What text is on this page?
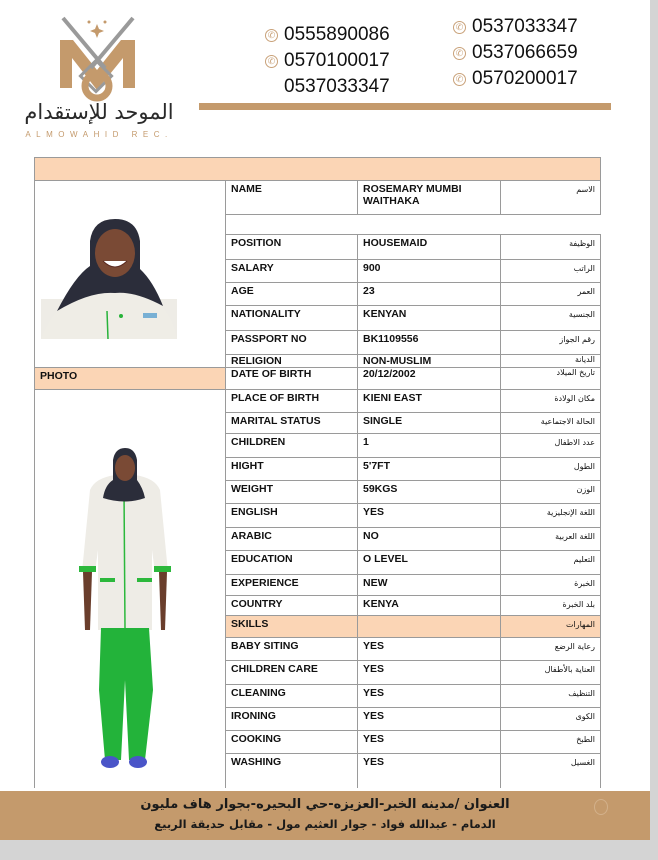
الموحد للإستقدام
ALMOWAHID REC.
✆ 0555890086
✆ 0570100017
0537033347
✆ 0537033347
✆ 0537066659
✆ 0570200017

	NAME	ROSEMARY MUMBI WAITHAKA	الاسم

	POSITION	HOUSEMAID	الوظيفة
	SALARY	900	الراتب
	AGE	23	العمر
	NATIONALITY	KENYAN	الجنسية
	PASSPORT NO	BK1109556	رقم الجواز
	RELIGION	NON-MUSLIM	الديانة
PHOTO	DATE OF BIRTH	20/12/2002	تاريخ الميلاد
	PLACE OF BIRTH	KIENI EAST	مكان الولادة
	MARITAL STATUS	SINGLE	الحالة الاجتماعية
	CHILDREN	1	عدد الاطفال
	HIGHT	5'7FT	الطول
	WEIGHT	59KGS	الوزن
	ENGLISH	YES	اللغة الإنجليزية
	ARABIC	NO	اللغة العربية
	EDUCATION	O LEVEL	التعليم
	EXPERIENCE	NEW	الخبرة
	COUNTRY	KENYA	بلد الخبرة
	SKILLS		المهارات
	BABY SITING	YES	رعاية الرضع
	CHILDREN CARE	YES	العناية بالأطفال
	CLEANING	YES	التنظيف
	IRONING	YES	الكوى
	COOKING	YES	الطبخ
	WASHING	YES	الغسيل
العنوان /مدينه الخبر-العزيزه-حي البحيره-بجوار هاف مليون
الدمام - عبدالله فواد - جوار العثيم مول - مقابل حديقة الربيع
